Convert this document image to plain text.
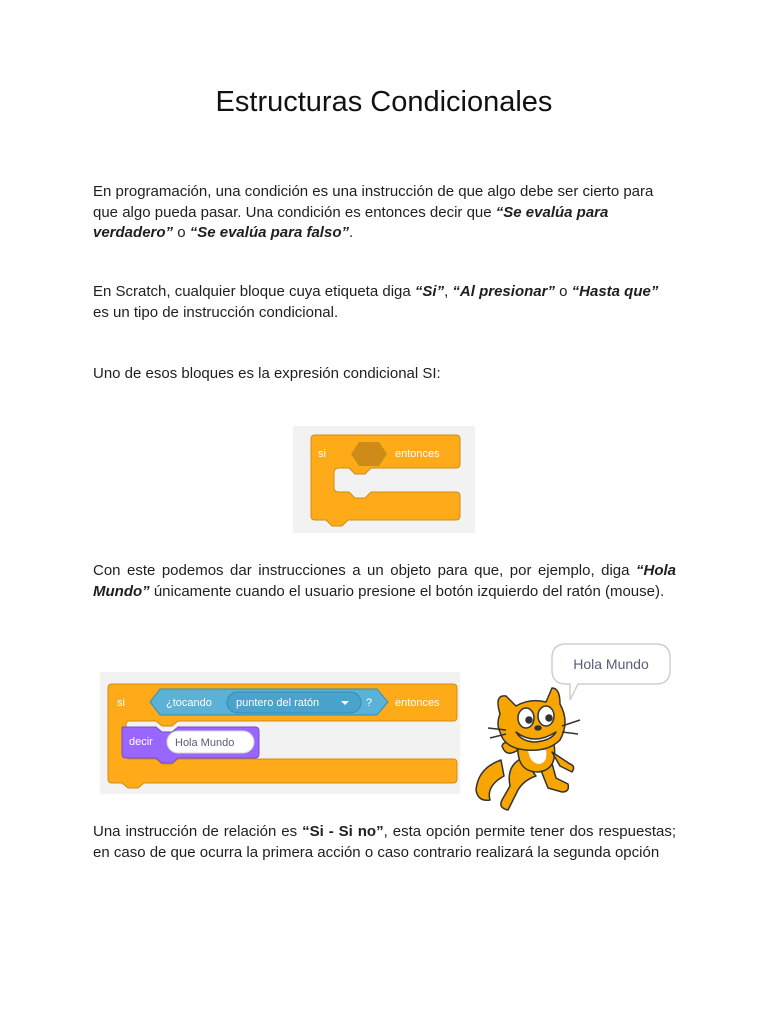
Estructuras Condicionales

En programación, una condición es una instrucción de que algo debe ser cierto para que algo pueda pasar. Una condición es entonces decir que “Se evalúa para verdadero” o “Se evalúa para falso”.

En Scratch, cualquier bloque cuya etiqueta diga “Si”, “Al presionar” o “Hasta que” es un tipo de instrucción condicional.

Uno de esos bloques es la expresión condicional SI:

si	entonces

Con este podemos dar instrucciones a un objeto para que, por ejemplo, diga “Hola Mundo” únicamente cuando el usuario presione el botón izquierdo del ratón (mouse).

si	¿tocando puntero del ratón	? entonces
decir Hola Mundo
Hola Mundo

Una instrucción de relación es “Si - Si no”, esta opción permite tener dos respuestas; en caso de que ocurra la primera acción o caso contrario realizará la segunda opción
